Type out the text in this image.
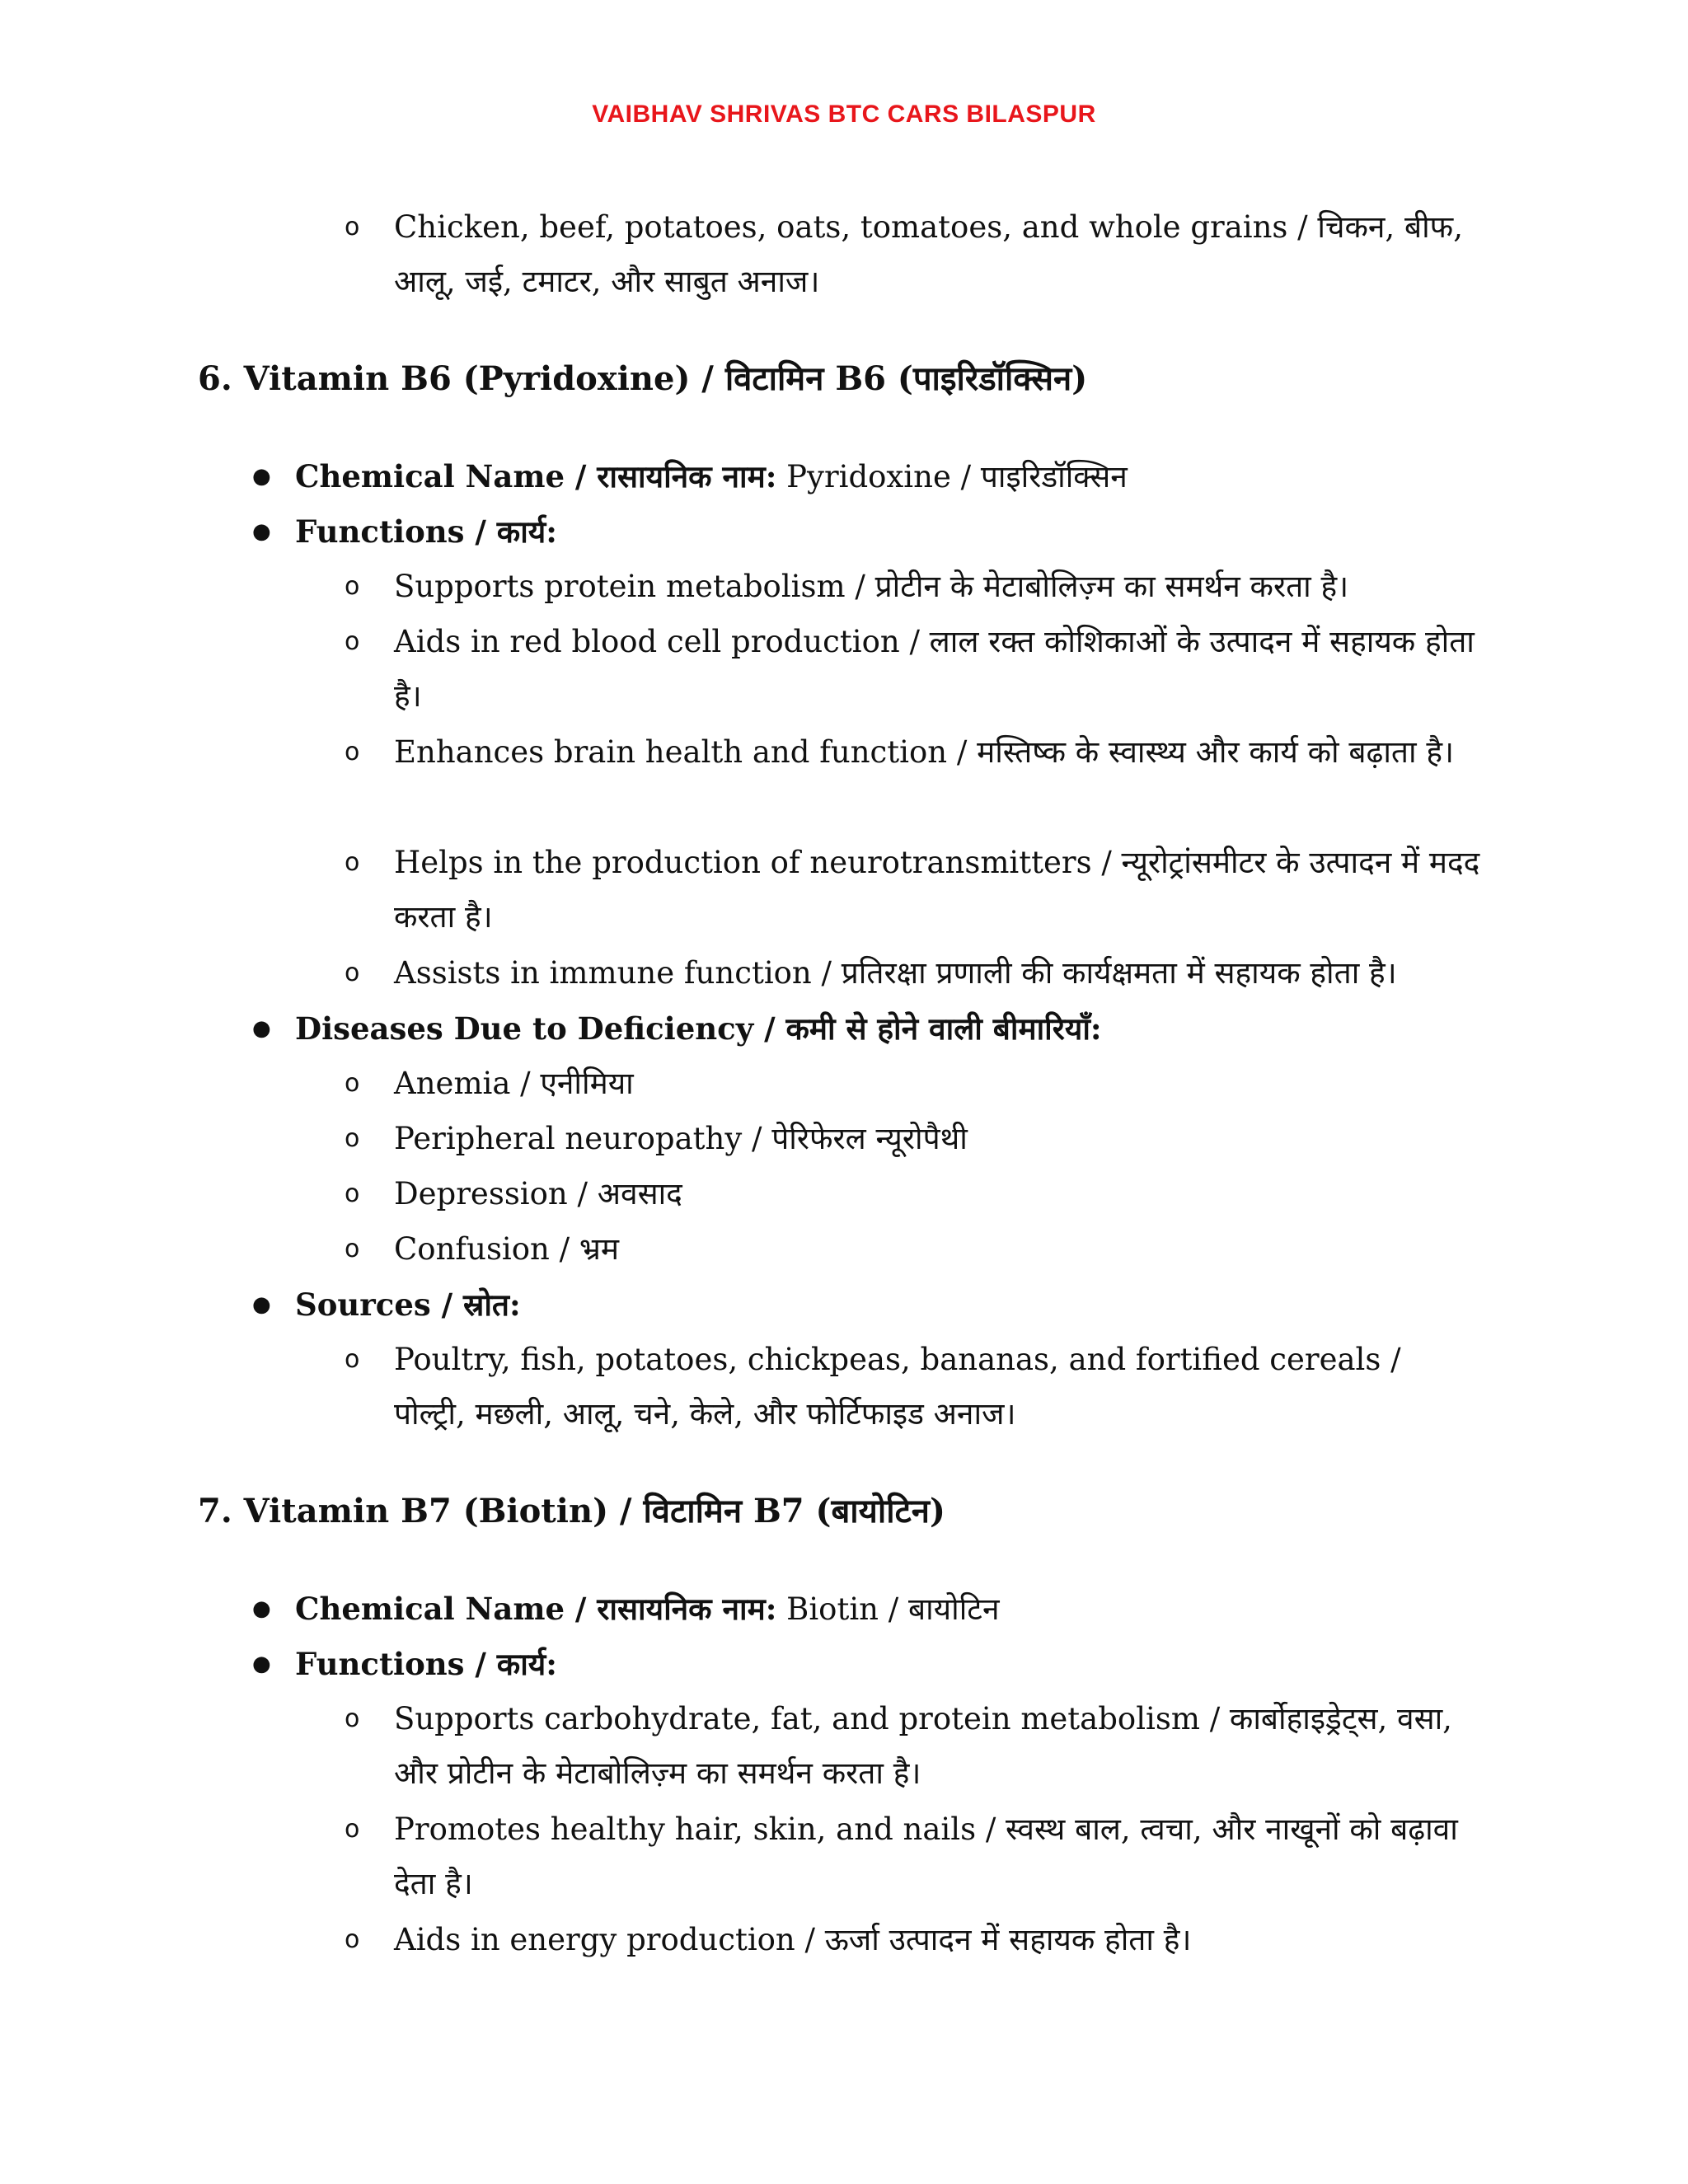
VAIBHAV SHRIVAS BTC CARS BILASPUR
o Chicken, beef, potatoes, oats, tomatoes, and whole grains / चिकन, बीफ, आलू, जई, टमाटर, और साबुत अनाज।
6. Vitamin B6 (Pyridoxine) / विटामिन B6 (पाइरिडॉक्सिन)
● Chemical Name / रासायनिक नाम: Pyridoxine / पाइरिडॉक्सिन
● Functions / कार्य:
o Supports protein metabolism / प्रोटीन के मेटाबोलिज़्म का समर्थन करता है।
o Aids in red blood cell production / लाल रक्त कोशिकाओं के उत्पादन में सहायक होता है।
o Enhances brain health and function / मस्तिष्क के स्वास्थ्य और कार्य को बढ़ाता है।
o Helps in the production of neurotransmitters / न्यूरोट्रांसमीटर के उत्पादन में मदद करता है।
o Assists in immune function / प्रतिरक्षा प्रणाली की कार्यक्षमता में सहायक होता है।
● Diseases Due to Deficiency / कमी से होने वाली बीमारियाँ:
o Anemia / एनीमिया
o Peripheral neuropathy / पेरिफेरल न्यूरोपैथी
o Depression / अवसाद
o Confusion / भ्रम
● Sources / स्रोत:
o Poultry, fish, potatoes, chickpeas, bananas, and fortified cereals / पोल्ट्री, मछली, आलू, चने, केले, और फोर्टिफाइड अनाज।
7. Vitamin B7 (Biotin) / विटामिन B7 (बायोटिन)
● Chemical Name / रासायनिक नाम: Biotin / बायोटिन
● Functions / कार्य:
o Supports carbohydrate, fat, and protein metabolism / कार्बोहाइड्रेट्स, वसा, और प्रोटीन के मेटाबोलिज़्म का समर्थन करता है।
o Promotes healthy hair, skin, and nails / स्वस्थ बाल, त्वचा, और नाखूनों को बढ़ावा देता है।
o Aids in energy production / ऊर्जा उत्पादन में सहायक होता है।
